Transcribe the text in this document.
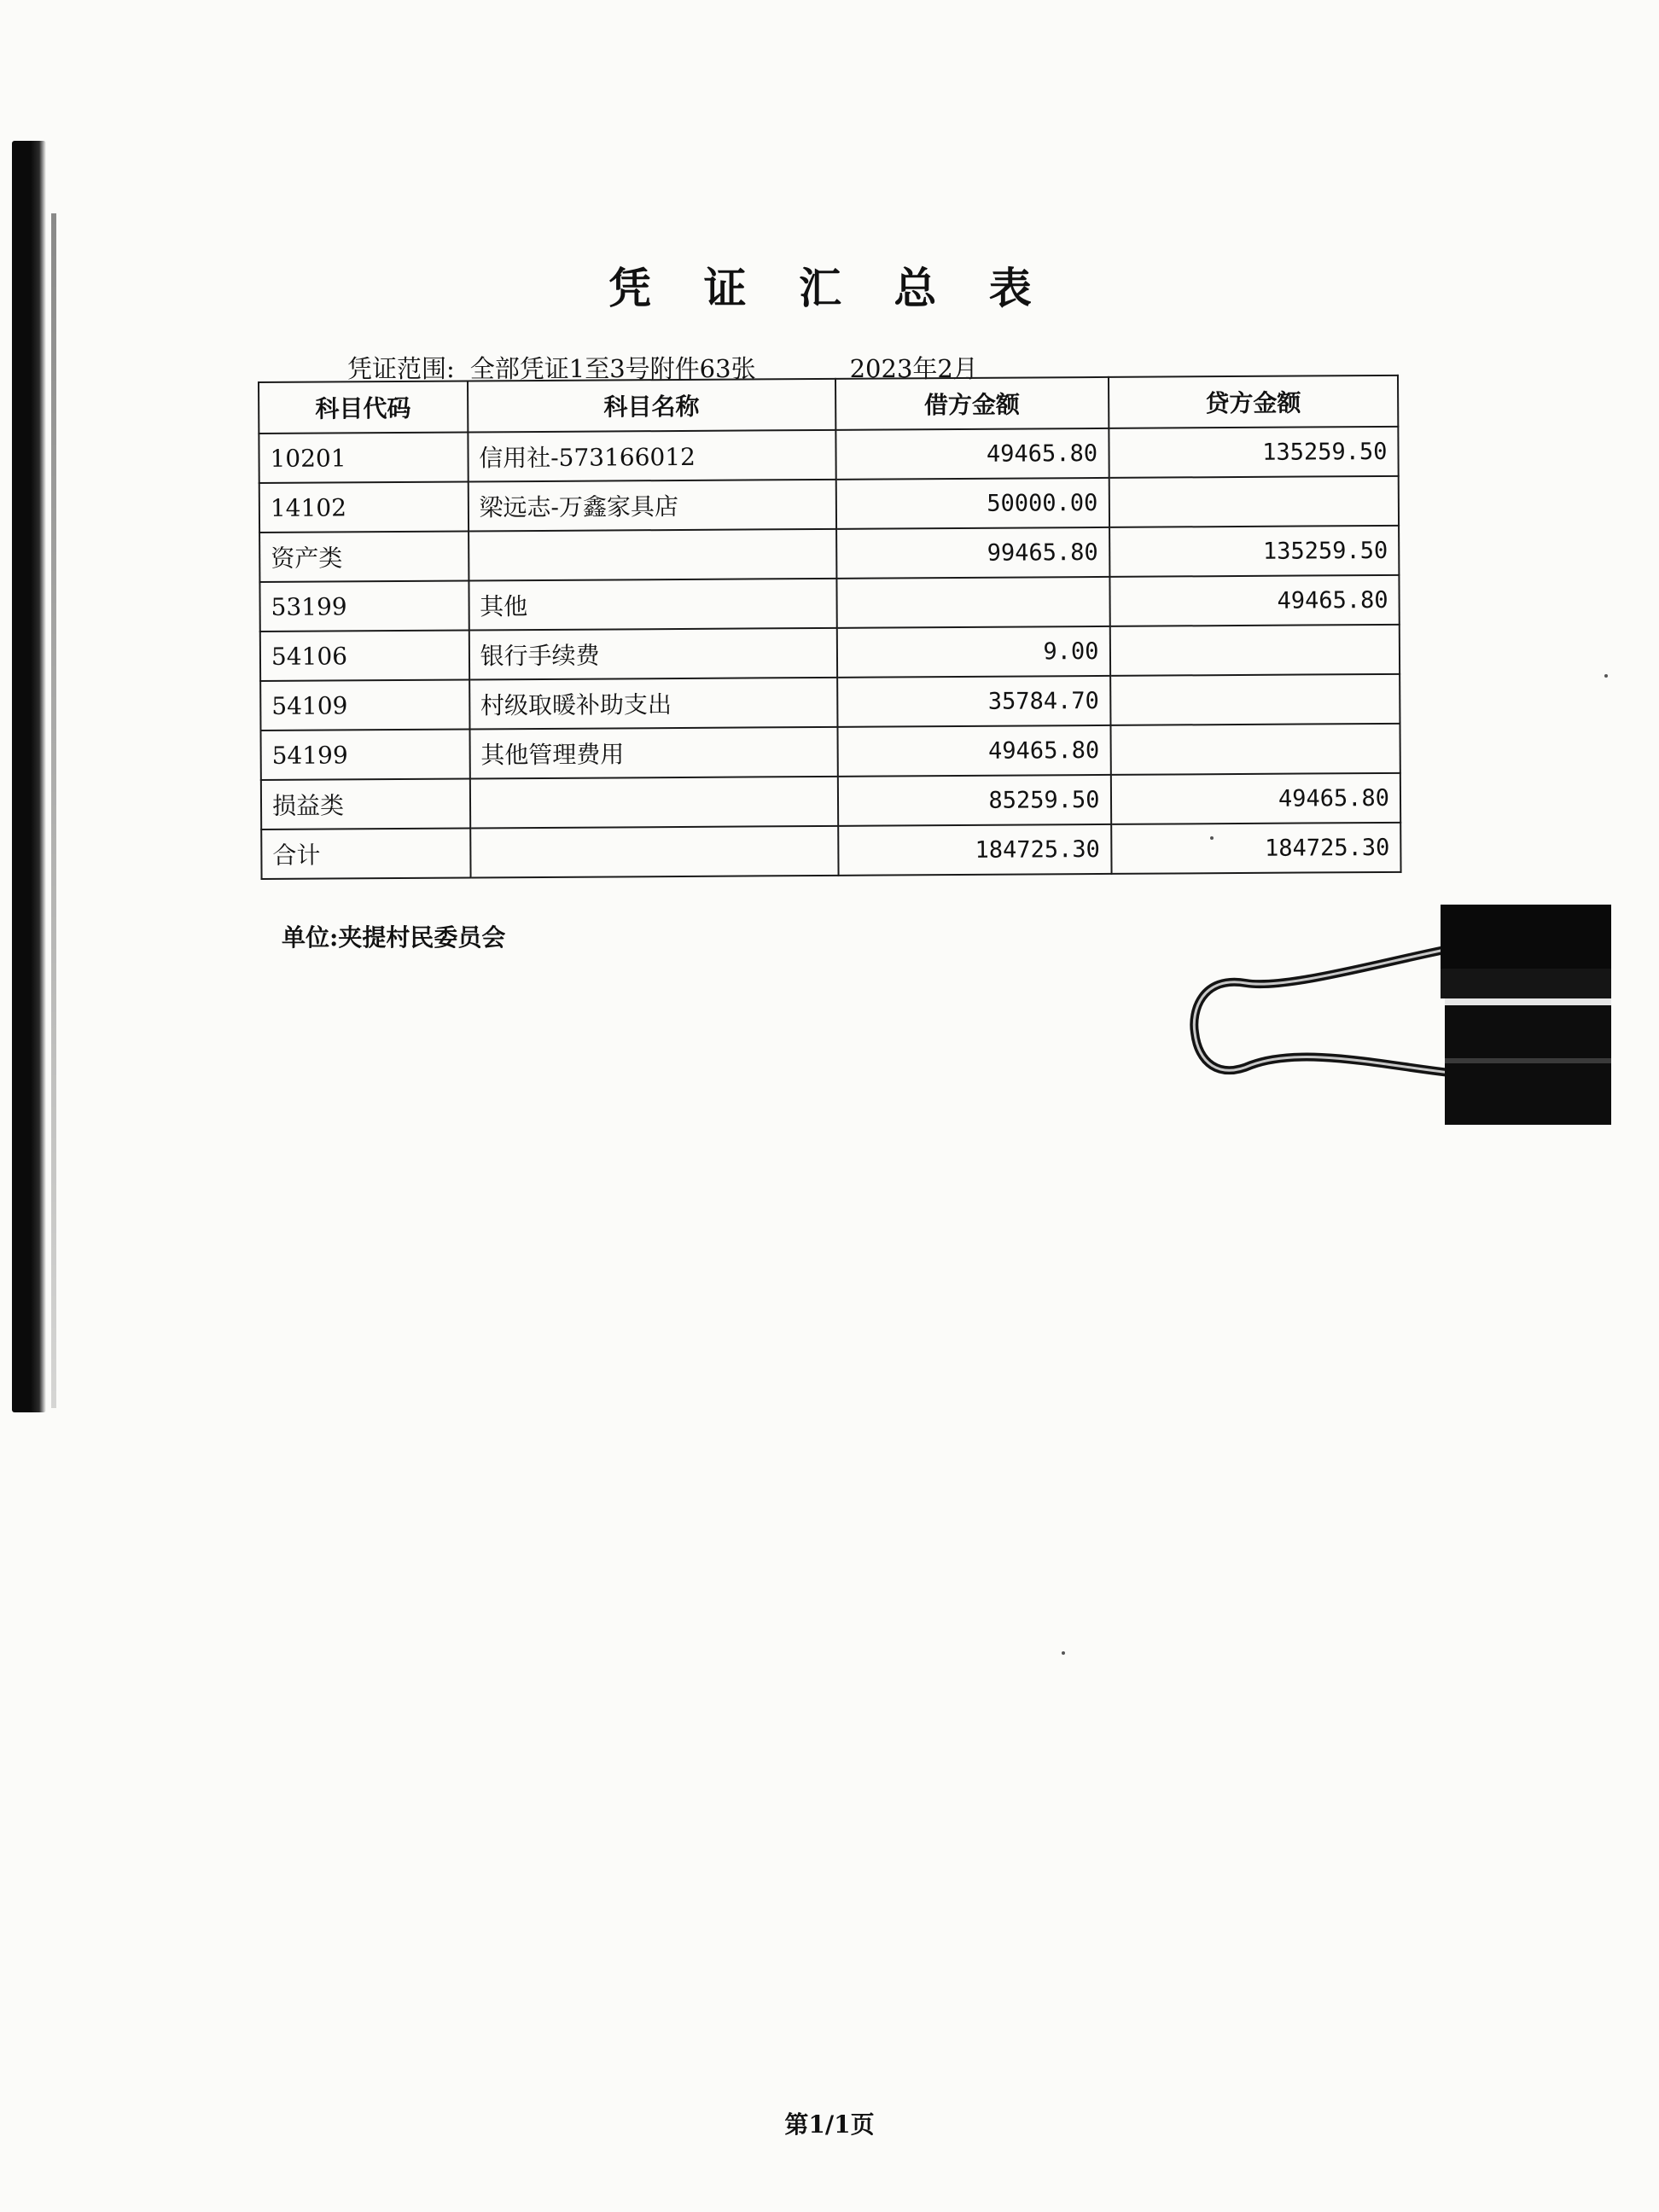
凭 证 汇 总 表
凭证范围: 全部凭证1至3号附件63张	2023年2月
科目代码	科目名称	借方金额	贷方金额
10201	信用社-573166012	49465.80	135259.50
14102	梁远志-万鑫家具店	50000.00	
资产类		99465.80	135259.50
53199	其他		49465.80
54106	银行手续费	9.00	
54109	村级取暖补助支出	35784.70	
54199	其他管理费用	49465.80	
损益类		85259.50	49465.80
合计		184725.30	184725.30
单位:夹提村民委员会
第1/1页
